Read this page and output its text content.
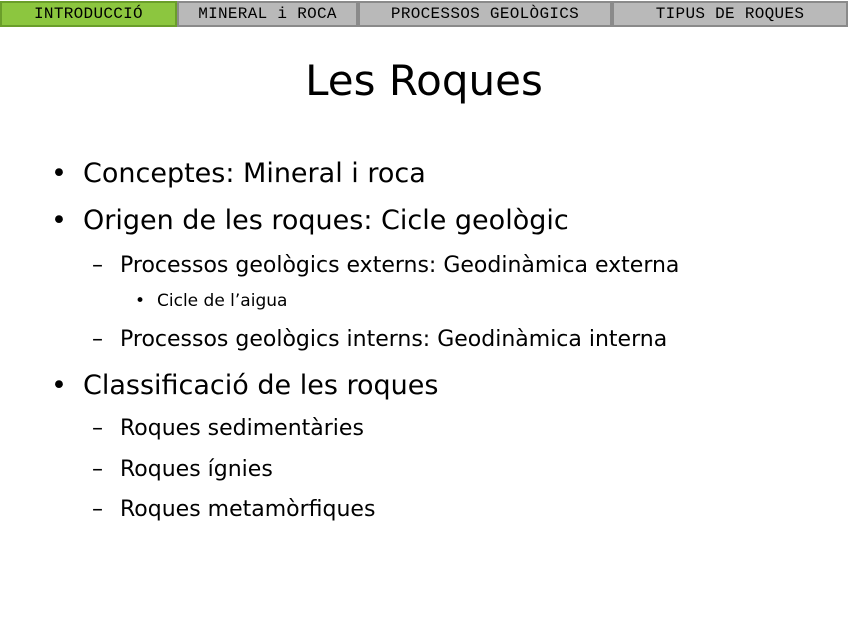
INTRODUCCIÓ	MINERAL i ROCA	PROCESSOS GEOLÒGICS	TIPUS DE ROQUES
Les Roques
• Conceptes: Mineral i roca
• Origen de les roques: Cicle geològic
– Processos geològics externs: Geodinàmica externa
• Cicle de l’aigua
– Processos geològics interns: Geodinàmica interna
• Classificació de les roques
– Roques sedimentàries
– Roques ígnies
– Roques metamòrfiques
